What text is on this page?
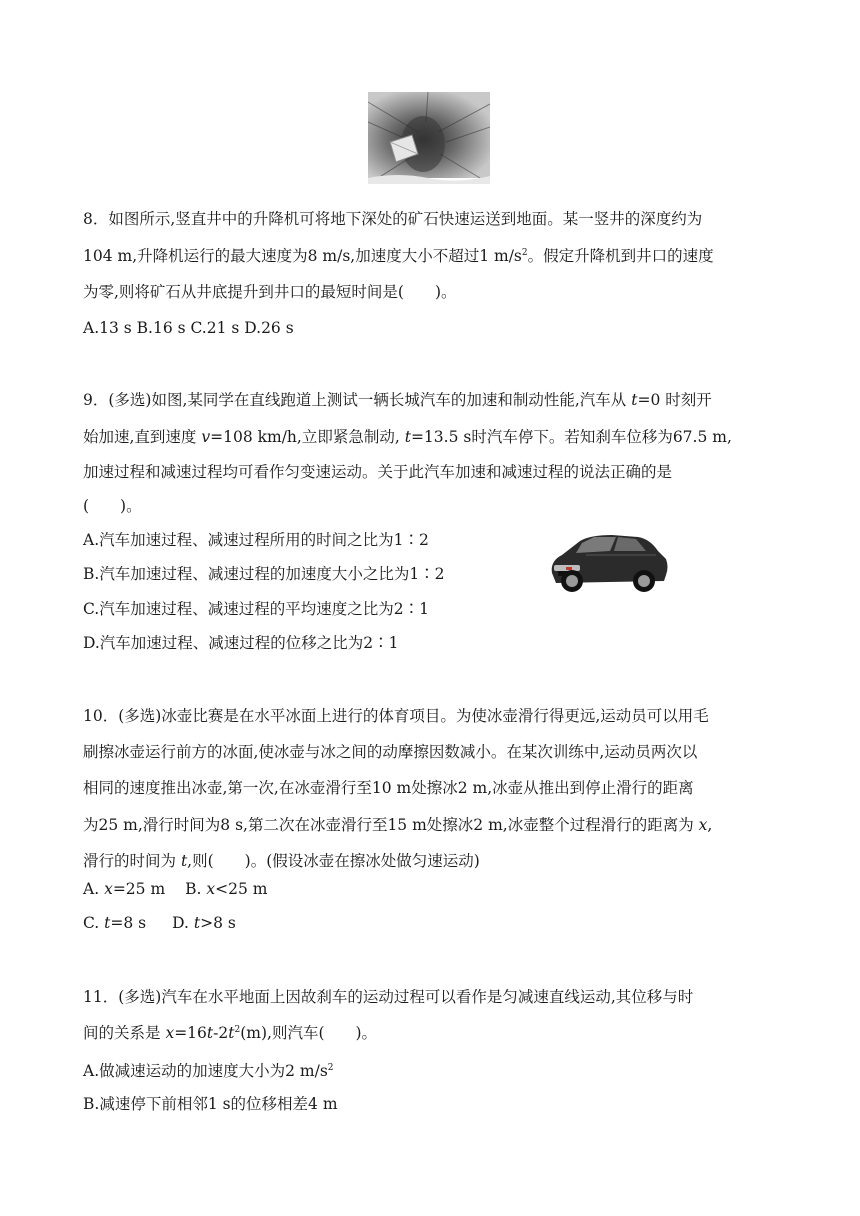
8．如图所示,竖直井中的升降机可将地下深处的矿石快速运送到地面。某一竖井的深度约为
104 m,升降机运行的最大速度为8 m/s,加速度大小不超过1 $m/s^2$。假定升降机到井口的速度
为零,则将矿石从井底提升到井口的最短时间是(　　)。
A.13 s B.16 s C.21 s D.26 s
9．(多选)如图,某同学在直线跑道上测试一辆长城汽车的加速和制动性能,汽车从 t=0 时刻开
始加速,直到速度 v=108 km/h,立即紧急制动, t=13.5 s时汽车停下。若知刹车位移为67.5 m,
加速过程和减速过程均可看作匀变速运动。关于此汽车加速和减速过程的说法正确的是
(　　)。
A.汽车加速过程、减速过程所用的时间之比为1∶2
B.汽车加速过程、减速过程的加速度大小之比为1∶2
C.汽车加速过程、减速过程的平均速度之比为2∶1
D.汽车加速过程、减速过程的位移之比为2∶1
10．(多选)冰壶比赛是在水平冰面上进行的体育项目。为使冰壶滑行得更远,运动员可以用毛
刷擦冰壶运行前方的冰面,使冰壶与冰之间的动摩擦因数减小。在某次训练中,运动员两次以
相同的速度推出冰壶,第一次,在冰壶滑行至10 m处擦冰2 m,冰壶从推出到停止滑行的距离
为25 m,滑行时间为8 s,第二次在冰壶滑行至15 m处擦冰2 m,冰壶整个过程滑行的距离为 x,
滑行的时间为 t,则(　　)。(假设冰壶在擦冰处做匀速运动)
A. x=25 m B. x<25 m
C. t=8 s D. t>8 s
11．(多选)汽车在水平地面上因故刹车的运动过程可以看作是匀减速直线运动,其位移与时
间的关系是 $x=16t-2t^2(m)$,则汽车(　　)。
A.做减速运动的加速度大小为2 $m/s^2$
B.减速停下前相邻1 s的位移相差4 m
